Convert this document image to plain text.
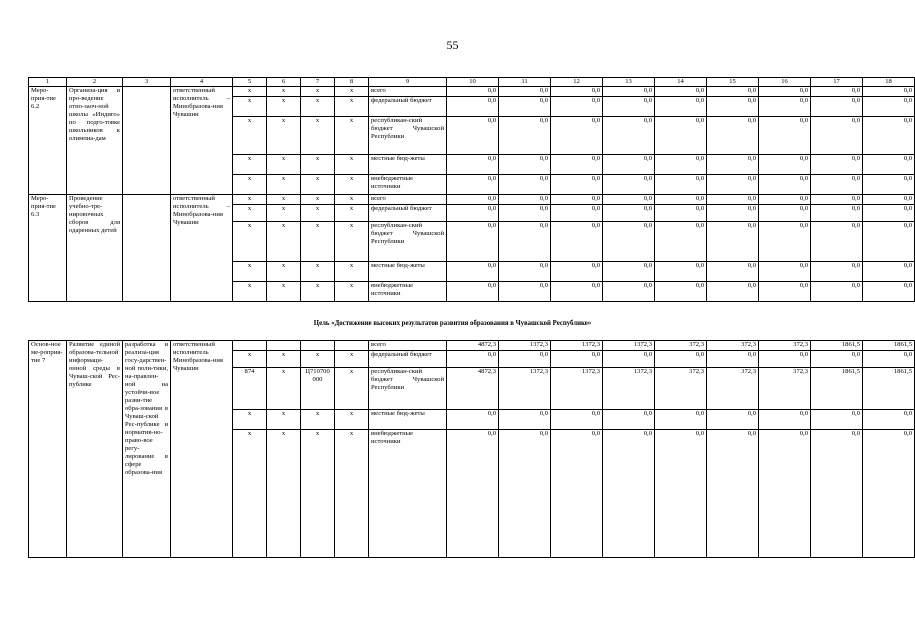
55
1	2	3	4	5	6	7	8	9	10	11	12	13	14	15	16	17	18
Меро-прия-тие 6.2	Организа-ция и про-ведение отно-заоч-ной школы «Индиго» по подго-товке школьников к олимпиа-дам		ответственный исполнитель – Минобразова-ния Чувашии	x	x	x	x	всего	0,0	0,0	0,0	0,0	0,0	0,0	0,0	0,0	0,0
				x	x	x	x	федеральный бюджет	0,0	0,0	0,0	0,0	0,0	0,0	0,0	0,0	0,0
				x	x	x	x	республикан-ский бюджет Чувашской Республики	0,0	0,0	0,0	0,0	0,0	0,0	0,0	0,0	0,0
				x	x	x	x	местные бюд-жеты	0,0	0,0	0,0	0,0	0,0	0,0	0,0	0,0	0,0
				x	x	x	x	внебюджетные источники	0,0	0,0	0,0	0,0	0,0	0,0	0,0	0,0	0,0
Меро-прия-тие 6.3	Проведение учебно-тре-нировочных сборов для одаренных детей		ответственный исполнитель – Минобразова-ния Чувашии	x	x	x	x	всего	0,0	0,0	0,0	0,0	0,0	0,0	0,0	0,0	0,0
				x	x	x	x	федеральный бюджет	0,0	0,0	0,0	0,0	0,0	0,0	0,0	0,0	0,0
				x	x	x	x	республикан-ский бюджет Чувашской Республики	0,0	0,0	0,0	0,0	0,0	0,0	0,0	0,0	0,0
				x	x	x	x	местные бюд-жеты	0,0	0,0	0,0	0,0	0,0	0,0	0,0	0,0	0,0
				x	x	x	x	внебюджетные источники	0,0	0,0	0,0	0,0	0,0	0,0	0,0	0,0	0,0
Цель «Достижение высоких результатов развития образования в Чувашской Республике»
Основ-ное ме-роприя-тие 7	Развитие единой образова-тельной информаци-онной среды в Чуваш-ской Рес-публике	разработка и реализа-ция госу-дарствен-ной поли-тики, на-правлен-ной на устойчи-вое разви-тие обра-зования в Чуваш-ской Рес-публике и норматив-но-право-вое регу-лирование в сфере образова-ния	ответственный исполнитель Минобразова-ния Чувашии					всего	4872,3	1372,3	1372,3	1372,3	372,3	372,3	372,3	1861,5	1861,5
				x	x	x	x	федеральный бюджет	0,0	0,0	0,0	0,0	0,0	0,0	0,0	0,0	0,0
				874	x	Ц710700 000	x	республикан-ский бюджет Чувашской Республики	4872,3	1372,3	1372,3	1372,3	372,3	372,3	372,3	1861,5	1861,5
				x	x	x	x	местные бюд-жеты	0,0	0,0	0,0	0,0	0,0	0,0	0,0	0,0	0,0
				x	x	x	x	внебюджетные источники	0,0	0,0	0,0	0,0	0,0	0,0	0,0	0,0	0,0
